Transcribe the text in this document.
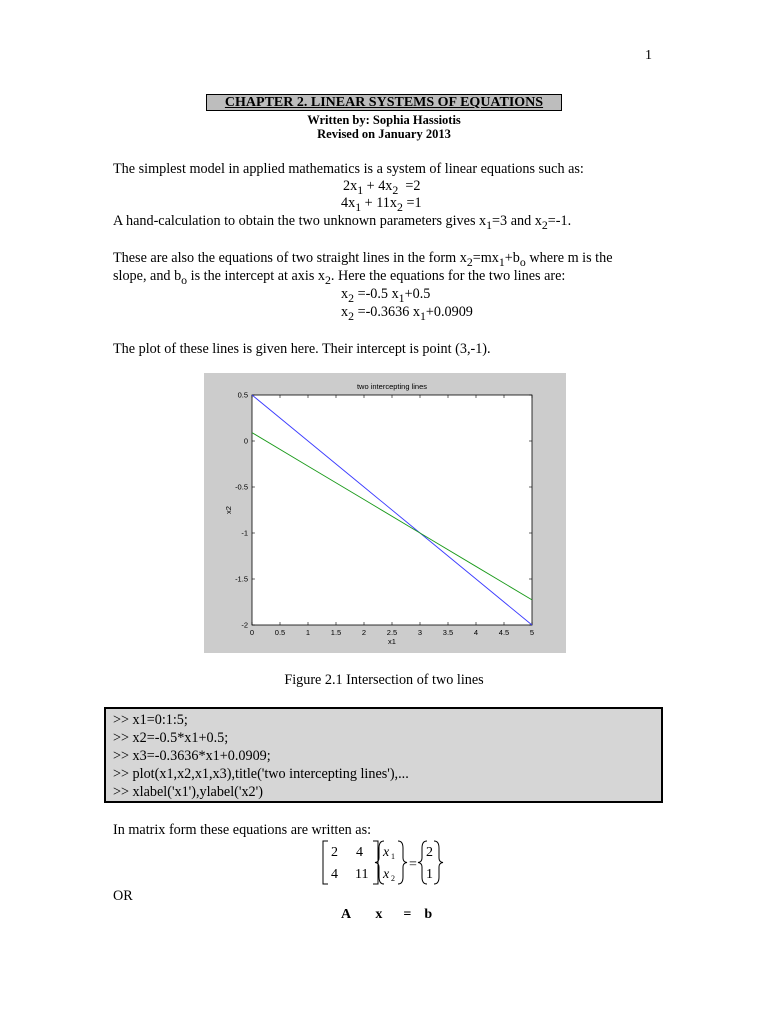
1
CHAPTER 2. LINEAR SYSTEMS OF EQUATIONS
Written by: Sophia Hassiotis
Revised on January 2013
The simplest model in applied mathematics is a system of linear equations such as:
$2x_1 + 4x_2 =2$
$4x_1 + 11x_2 =1$
A hand-calculation to obtain the two unknown parameters gives $x_1=3$ and $x_2=-1$.
These are also the equations of two straight lines in the form $x_2=mx_1+b_o$ where m is the
slope, and $b_o$ is the intercept at axis $x_2$. Here the equations for the two lines are:
$x_2 =-0.5$ $x_1+0.5$
$x_2 =-0.3636$ $x_1+0.0909$
The plot of these lines is given here. Their intercept is point (3,-1).
two intercepting lines
0	0.5	1	1.5	2	2.5	3	3.5	4	4.5	5
0.5
0
-0.5
-1
-1.5
-2
x1
x2
Figure 2.1 Intersection of two lines
>> x1=0:1:5;
>> x2=-0.5*x1+0.5;
>> x3=-0.3636*x1+0.0909;
>> plot(x1,x2,x1,x3),title('two intercepting lines'),...
>> xlabel('x1'),ylabel('x2')
In matrix form these equations are written as:
2 4
4 11
x 1
x 2
=
2
1
OR
A x = b
